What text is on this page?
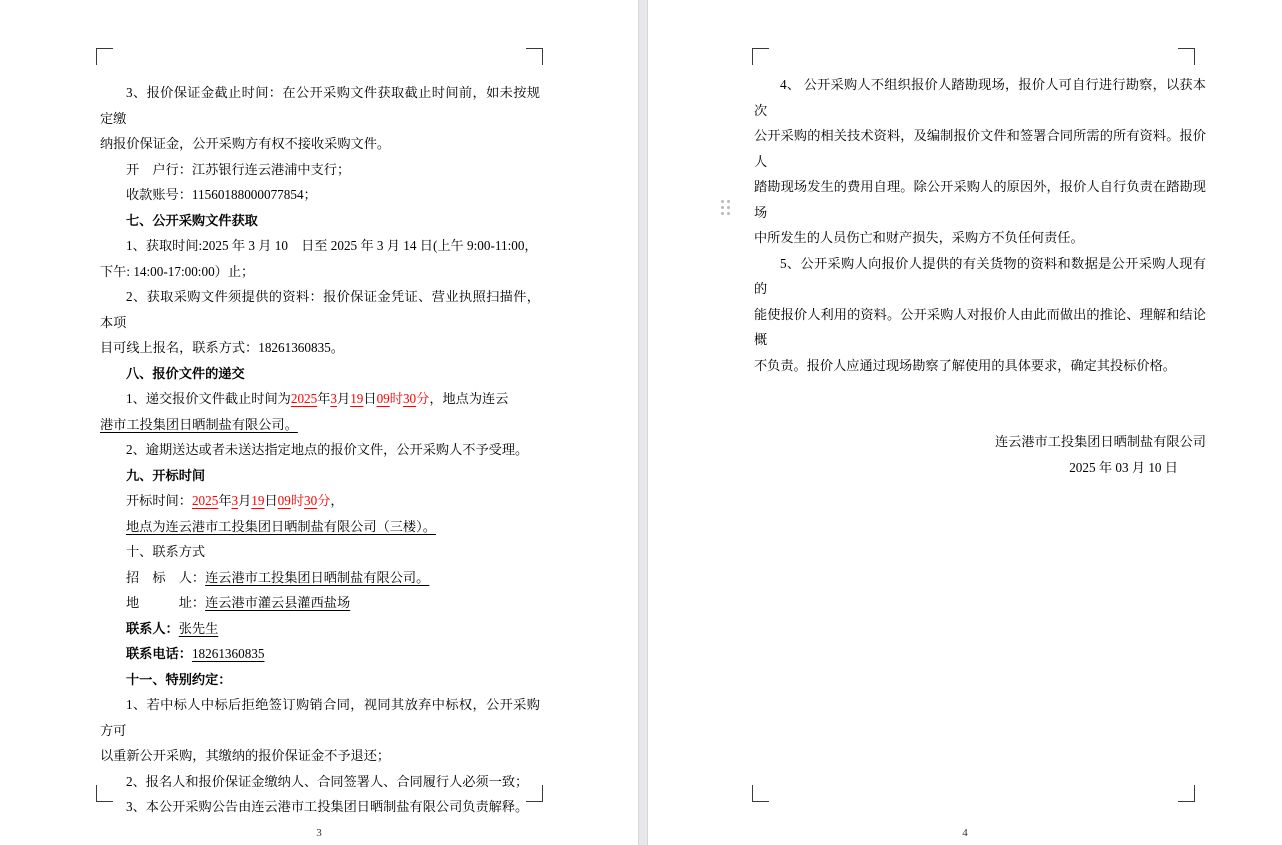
3、报价保证金截止时间：在公开采购文件获取截止时间前，如未按规定缴

纳报价保证金，公开采购方有权不接收采购文件。

开　户行：江苏银行连云港浦中支行；

收款账号：11560188000077854；

七、公开采购文件获取

1、获取时间:2025 年 3 月 10　日至 2025 年 3 月 14 日(上午 9:00-11:00，

下午: 14:00-17:00:00）止；

2、获取采购文件须提供的资料：报价保证金凭证、营业执照扫描件，本项

目可线上报名，联系方式：18261360835。

八、报价文件的递交

1、递交报价文件截止时间为2025年3月19日09时30分，地点为连云

港市工投集团日晒制盐有限公司。

2、逾期送达或者未送达指定地点的报价文件，公开采购人不予受理。

九、开标时间

开标时间：2025年3月19日09时30分，

地点为连云港市工投集团日晒制盐有限公司（三楼）。

十、联系方式

招　标　人：连云港市工投集团日晒制盐有限公司。

地　　　址：连云港市灌云县灌西盐场

联系人：张先生

联系电话：18261360835

十一、特别约定：

1、若中标人中标后拒绝签订购销合同，视同其放弃中标权，公开采购方可

以重新公开采购，其缴纳的报价保证金不予退还；

2、报名人和报价保证金缴纳人、合同签署人、合同履行人必须一致；

3、本公开采购公告由连云港市工投集团日晒制盐有限公司负责解释。

3

4、 公开采购人不组织报价人踏勘现场，报价人可自行进行勘察，以获本次

公开采购的相关技术资料，及编制报价文件和签署合同所需的所有资料。报价人

踏勘现场发生的费用自理。除公开采购人的原因外，报价人自行负责在踏勘现场

中所发生的人员伤亡和财产损失，采购方不负任何责任。

5、公开采购人向报价人提供的有关货物的资料和数据是公开采购人现有的

能使报价人利用的资料。公开采购人对报价人由此而做出的推论、理解和结论概

不负责。报价人应通过现场勘察了解使用的具体要求，确定其投标价格。

连云港市工投集团日晒制盐有限公司

2025 年 03 月 10 日

4
